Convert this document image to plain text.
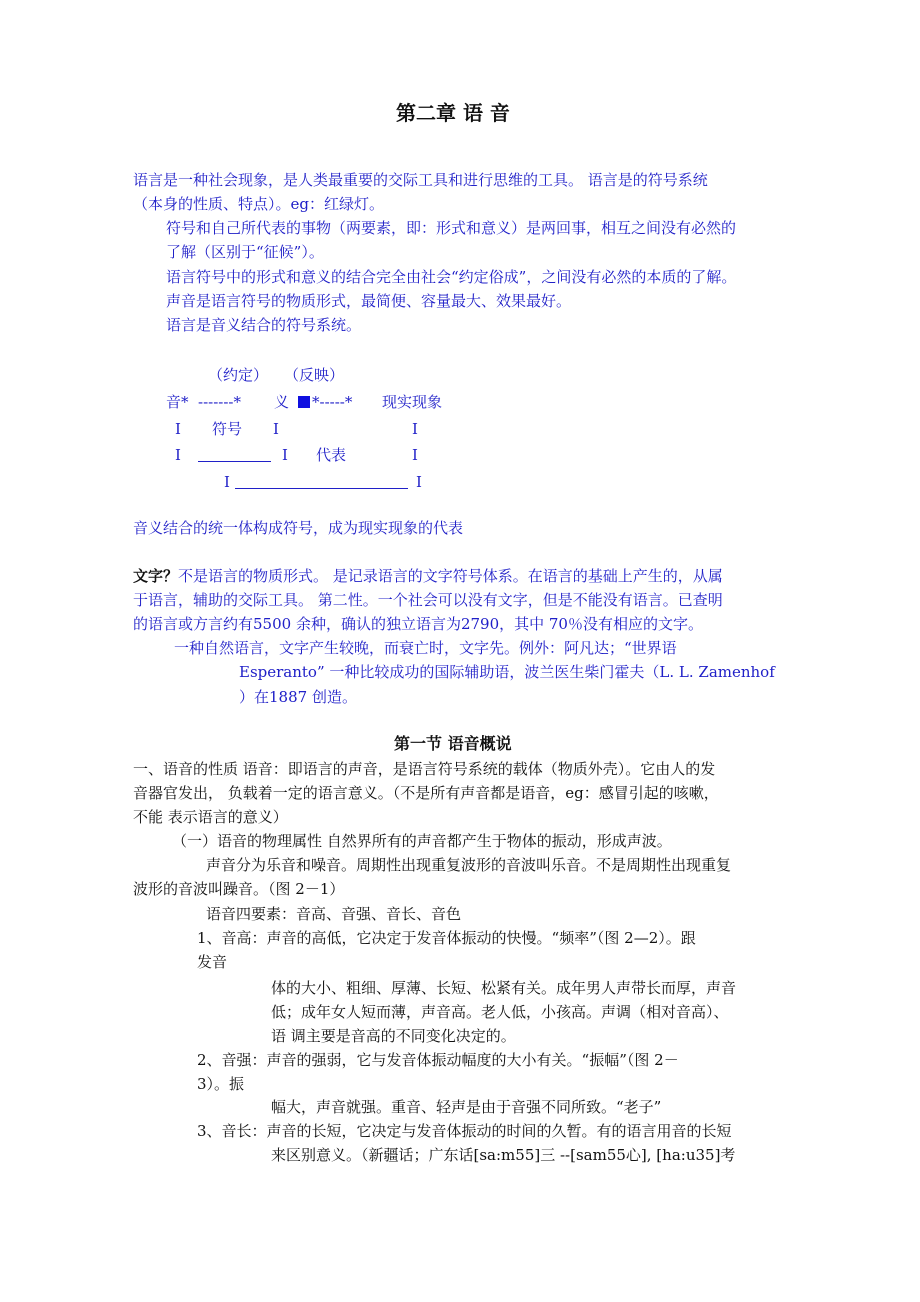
第二章 语 音
语言是一种社会现象，是人类最重要的交际工具和进行思维的工具。 语言是的符号系统
（本身的性质、特点）。eg：红绿灯。
符号和自己所代表的事物（两要素，即：形式和意义）是两回事，相互之间没有必然的
了解（区别于“征候”）。
语言符号中的形式和意义的结合完全由社会“约定俗成”，之间没有必然的本质的了解。
声音是语言符号的物质形式，最简便、容量最大、效果最好。
语言是音义结合的符号系统。
（约定） （反映）
音* -------* 义 *-----* 现实现象
I 符号 I	I
I	I 代表	I
I	I
音义结合的统一体构成符号，成为现实现象的代表
文字？不是语言的物质形式。 是记录语言的文字符号体系。在语言的基础上产生的，从属
于语言，辅助的交际工具。 第二性。一个社会可以没有文字，但是不能没有语言。已查明
的语言或方言约有5500 余种，确认的独立语言为2790，其中 70％没有相应的文字。
一种自然语言，文字产生较晚，而衰亡时，文字先。例外：阿凡达；“世界语
Esperanto” 一种比较成功的国际辅助语，波兰医生柴门霍夫（L. L. Zamenhof
）在1887 创造。
第一节 语音概说
一、语音的性质 语音：即语言的声音，是语言符号系统的载体（物质外壳）。它由人的发
音器官发出， 负载着一定的语言意义。（不是所有声音都是语音，eg：感冒引起的咳嗽，
不能 表示语言的意义）
（一）语音的物理属性 自然界所有的声音都产生于物体的振动，形成声波。
声音分为乐音和噪音。周期性出现重复波形的音波叫乐音。不是周期性出现重复
波形的音波叫躁音。（图 2－1）
语音四要素：音高、音强、音长、音色
1、音高：声音的高低，它决定于发音体振动的快慢。“频率”（图 2—2）。跟
发音
体的大小、粗细、厚薄、长短、松紧有关。成年男人声带长而厚，声音
低；成年女人短而薄，声音高。老人低，小孩高。声调（相对音高）、
语 调主要是音高的不同变化决定的。
2、音强：声音的强弱，它与发音体振动幅度的大小有关。“振幅”（图 2－
3）。振
幅大，声音就强。重音、轻声是由于音强不同所致。“老子”
3、音长：声音的长短，它决定与发音体振动的时间的久暂。有的语言用音的长短
来区别意义。（新疆话；广东话[sa:m55]三 --[sam55心], [ha:u35]考
